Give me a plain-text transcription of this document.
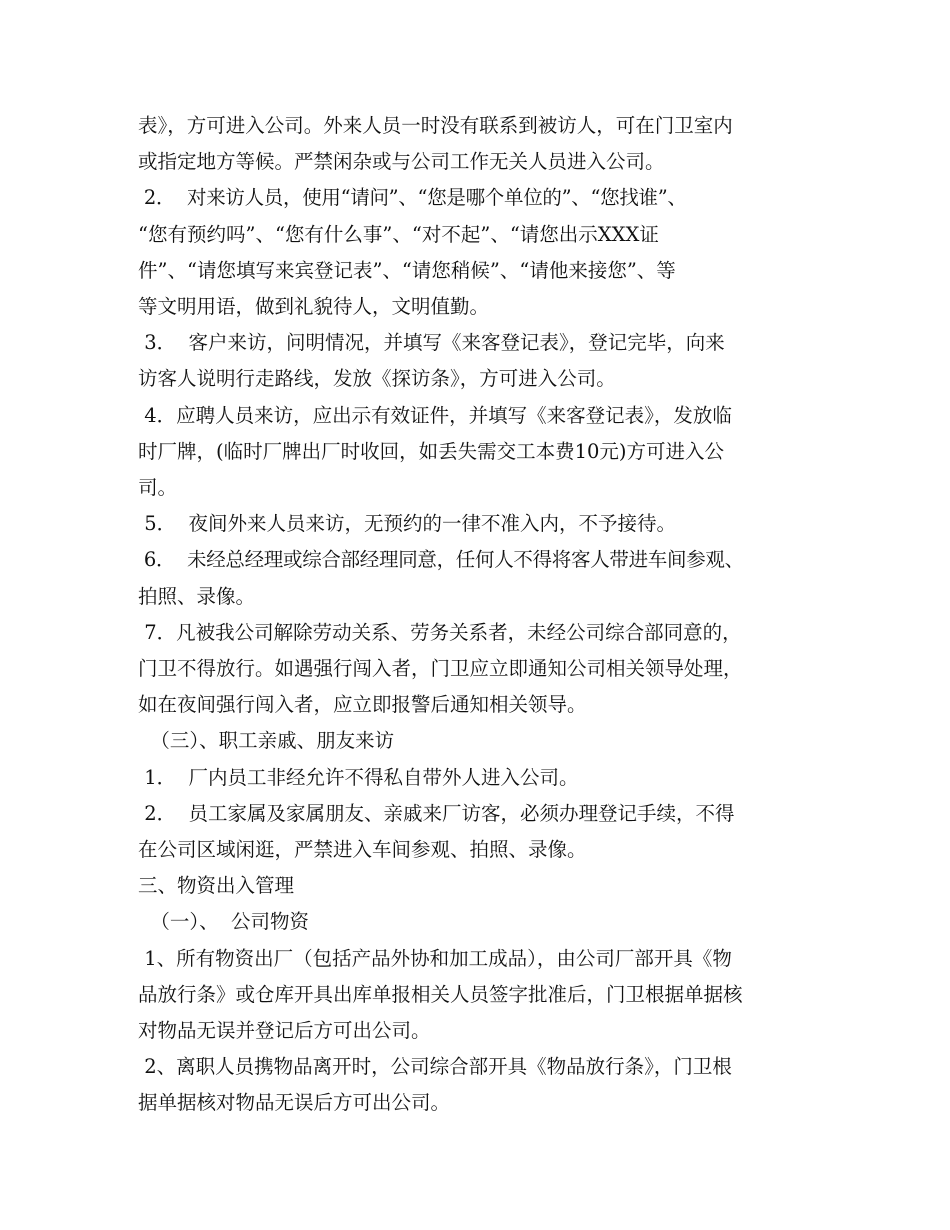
表》，方可进入公司。外来人员一时没有联系到被访人，可在门卫室内
或指定地方等候。严禁闲杂或与公司工作无关人员进入公司。
2．  对来访人员，使用“请问”、“您是哪个单位的”、“您找谁”、
“您有预约吗”、“您有什么事”、“对不起”、“请您出示XXX证
件”、“请您填写来宾登记表”、“请您稍候”、“请他来接您”、等
等文明用语，做到礼貌待人，文明值勤。
3．  客户来访，问明情况，并填写《来客登记表》，登记完毕，向来
访客人说明行走路线，发放《探访条》，方可进入公司。
4．应聘人员来访，应出示有效证件，并填写《来客登记表》，发放临
时厂牌，(临时厂牌出厂时收回，如丢失需交工本费10元)方可进入公
司。
5．  夜间外来人员来访，无预约的一律不准入内，不予接待。
6．  未经总经理或综合部经理同意，任何人不得将客人带进车间参观、
拍照、录像。
7．凡被我公司解除劳动关系、劳务关系者，未经公司综合部同意的，
门卫不得放行。如遇强行闯入者，门卫应立即通知公司相关领导处理，
如在夜间强行闯入者，应立即报警后通知相关领导。
（三）、职工亲戚、朋友来访
1．  厂内员工非经允许不得私自带外人进入公司。
2．  员工家属及家属朋友、亲戚来厂访客，必须办理登记手续，不得
在公司区域闲逛，严禁进入车间参观、拍照、录像。
三、物资出入管理
（一）、  公司物资
1、所有物资出厂（包括产品外协和加工成品），由公司厂部开具《物
品放行条》或仓库开具出库单报相关人员签字批准后，门卫根据单据核
对物品无误并登记后方可出公司。
2、离职人员携物品离开时，公司综合部开具《物品放行条》，门卫根
据单据核对物品无误后方可出公司。
